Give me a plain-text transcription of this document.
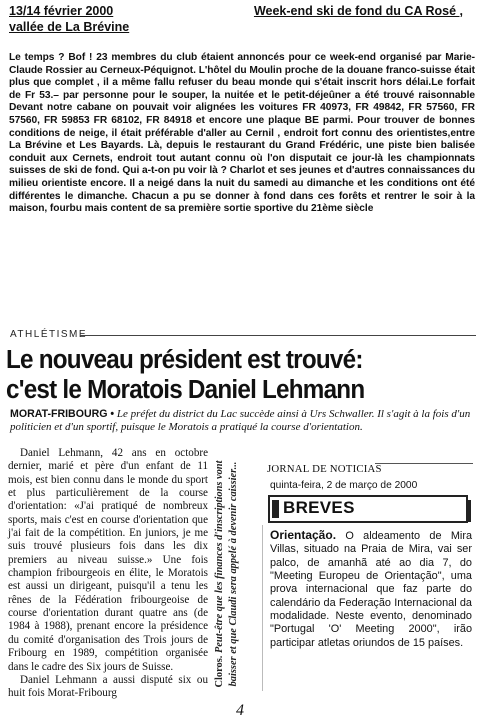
13/14 février 2000	Week-end ski de fond du CA Rosé ,
vallée de La Brévine
Le temps ? Bof ! 23 membres du club étaient annoncés pour ce week-end organisé par Marie-Claude Rossier au Cerneux-Péquignot. L'hôtel du Moulin proche de la douane franco-suisse était plus que complet , il a même fallu refuser du beau monde qui s'était inscrit hors délai.Le forfait de Fr 53.– par personne pour le souper, la nuitée et le petit-déjeûner a été trouvé raisonnable Devant notre cabane on pouvait voir alignées les voitures FR 40973, FR 49842, FR 57560, FR 57560, FR 59853 FR 68102, FR 84918 et encore une plaque BE parmi. Pour trouver de bonnes conditions de neige, il était préférable d'aller au Cernil , endroit fort connu des orientistes,entre La Brévine et Les Bayards. Là, depuis le restaurant du Grand Frédéric, une piste bien balisée conduit aux Cernets, endroit tout autant connu où l'on disputait ce jour-là les championnats suisses de ski de fond. Qui a-t-on pu voir là ? Charlot et ses jeunes et d'autres connaissances du milieu orientiste encore. Il a neigé dans la nuit du samedi au dimanche et les conditions ont été différentes le dimanche. Chacun a pu se donner à fond dans ces forêts et rentrer le soir à la maison, fourbu mais content de sa première sortie sportive du 21ème siècle
ATHLÉTISME
Le nouveau président est trouvé:
c'est le Moratois Daniel Lehmann
MORAT-FRIBOURG • Le préfet du district du Lac succède ainsi à Urs Schwaller. Il s'agit à la fois d'un politicien et d'un sportif, puisque le Moratois a pratiqué la course d'orientation.

Daniel Lehmann, 42 ans en octobre dernier, marié et père d'un enfant de 11 mois, est bien connu dans le monde du sport et plus particulièrement de la course d'orientation: «J'ai pratiqué de nombreux sports, mais c'est en course d'orientation que j'ai fait de la compétition. En juniors, je me suis trouvé plusieurs fois dans les dix premiers au niveau suisse.» Une fois champion fribourgeois en élite, le Moratois est aussi un dirigeant, puisqu'il a tenu les rênes de la Fédération fribourgeoise de course d'orientation durant quatre ans (de 1984 à 1988), prenant encore la présidence du comité d'organisation des Trois jours de Fribourg en 1989, compétition organisée dans le cadre des Six jours de Suisse.

Daniel Lehmann a aussi disputé six ou huit fois Morat-Fribourg

Cloros. Peut-être que les finances d'inscriptions vont baisser et que Claudi sera appelé à devenir caissier...	JORNAL DE NOTICIAS
quinta-feira, 2 de março de 2000
BREVES
Orientação. O aldeamento de Mira Villas, situado na Praia de Mira, vai ser palco, de amanhã até ao dia 7, do "Meeting Europeu de Orientação", uma prova internacional que faz parte do calendário da Federação Internacional da modalidade. Neste evento, denominado "Portugal 'O' Meeting 2000", irão participar atletas oriundos de 15 países.
4
